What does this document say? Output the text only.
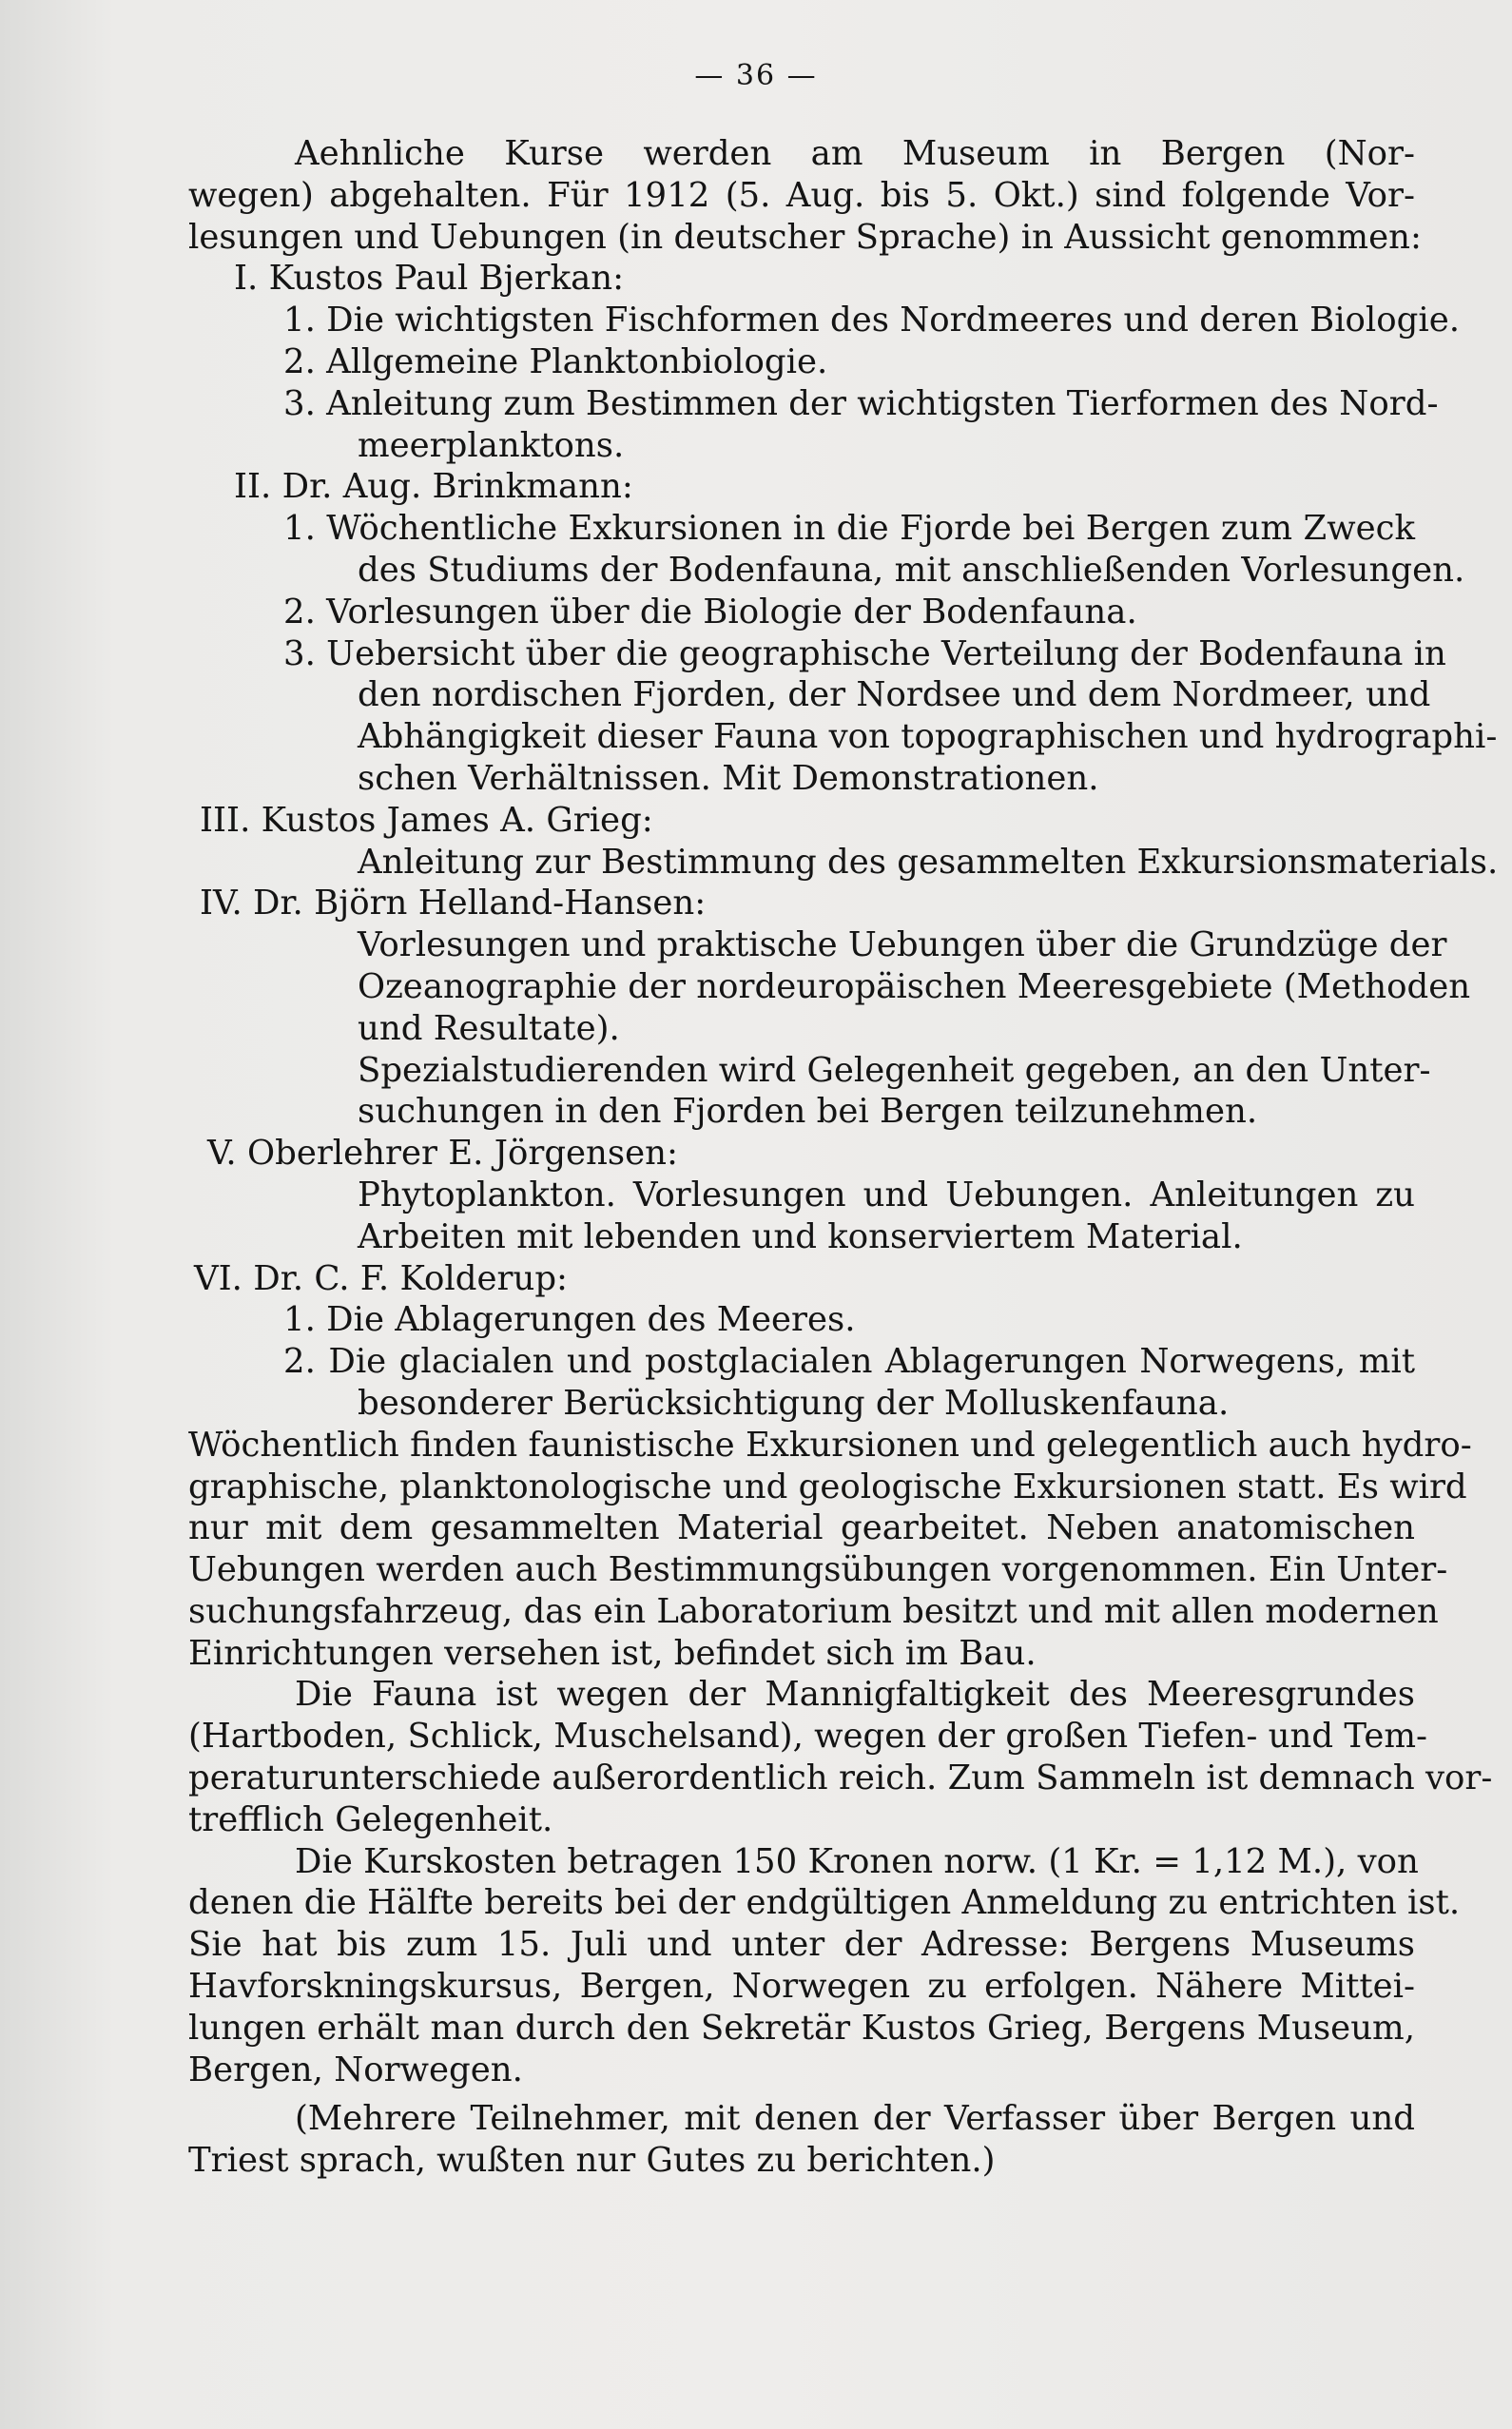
— 36 —
Aehnliche Kurse werden am Museum in Bergen (Nor-
wegen) abgehalten. Für 1912 (5. Aug. bis 5. Okt.) sind folgende Vor-
lesungen und Uebungen (in deutscher Sprache) in Aussicht genommen:
I. Kustos Paul Bjerkan:
1. Die wichtigsten Fischformen des Nordmeeres und deren Biologie.
2. Allgemeine Planktonbiologie.
3. Anleitung zum Bestimmen der wichtigsten Tierformen des Nord-
meerplanktons.
II. Dr. Aug. Brinkmann:
1. Wöchentliche Exkursionen in die Fjorde bei Bergen zum Zweck
des Studiums der Bodenfauna, mit anschließenden Vorlesungen.
2. Vorlesungen über die Biologie der Bodenfauna.
3. Uebersicht über die geographische Verteilung der Bodenfauna in
den nordischen Fjorden, der Nordsee und dem Nordmeer, und
Abhängigkeit dieser Fauna von topographischen und hydrographi-
schen Verhältnissen. Mit Demonstrationen.
III. Kustos James A. Grieg:
Anleitung zur Bestimmung des gesammelten Exkursionsmaterials.
IV. Dr. Björn Helland-Hansen:
Vorlesungen und praktische Uebungen über die Grundzüge der
Ozeanographie der nordeuropäischen Meeresgebiete (Methoden
und Resultate).
Spezialstudierenden wird Gelegenheit gegeben, an den Unter-
suchungen in den Fjorden bei Bergen teilzunehmen.
V. Oberlehrer E. Jörgensen:
Phytoplankton. Vorlesungen und Uebungen. Anleitungen zu
Arbeiten mit lebenden und konserviertem Material.
VI. Dr. C. F. Kolderup:
1. Die Ablagerungen des Meeres.
2. Die glacialen und postglacialen Ablagerungen Norwegens, mit
besonderer Berücksichtigung der Molluskenfauna.
Wöchentlich finden faunistische Exkursionen und gelegentlich auch hydro-
graphische, planktonologische und geologische Exkursionen statt. Es wird
nur mit dem gesammelten Material gearbeitet. Neben anatomischen
Uebungen werden auch Bestimmungsübungen vorgenommen. Ein Unter-
suchungsfahrzeug, das ein Laboratorium besitzt und mit allen modernen
Einrichtungen versehen ist, befindet sich im Bau.
Die Fauna ist wegen der Mannigfaltigkeit des Meeresgrundes
(Hartboden, Schlick, Muschelsand), wegen der großen Tiefen- und Tem-
peraturunterschiede außerordentlich reich. Zum Sammeln ist demnach vor-
trefflich Gelegenheit.
Die Kurskosten betragen 150 Kronen norw. (1 Kr. = 1,12 M.), von
denen die Hälfte bereits bei der endgültigen Anmeldung zu entrichten ist.
Sie hat bis zum 15. Juli und unter der Adresse: Bergens Museums
Havforskningskursus, Bergen, Norwegen zu erfolgen. Nähere Mittei-
lungen erhält man durch den Sekretär Kustos Grieg, Bergens Museum,
Bergen, Norwegen.
(Mehrere Teilnehmer, mit denen der Verfasser über Bergen und
Triest sprach, wußten nur Gutes zu berichten.)
